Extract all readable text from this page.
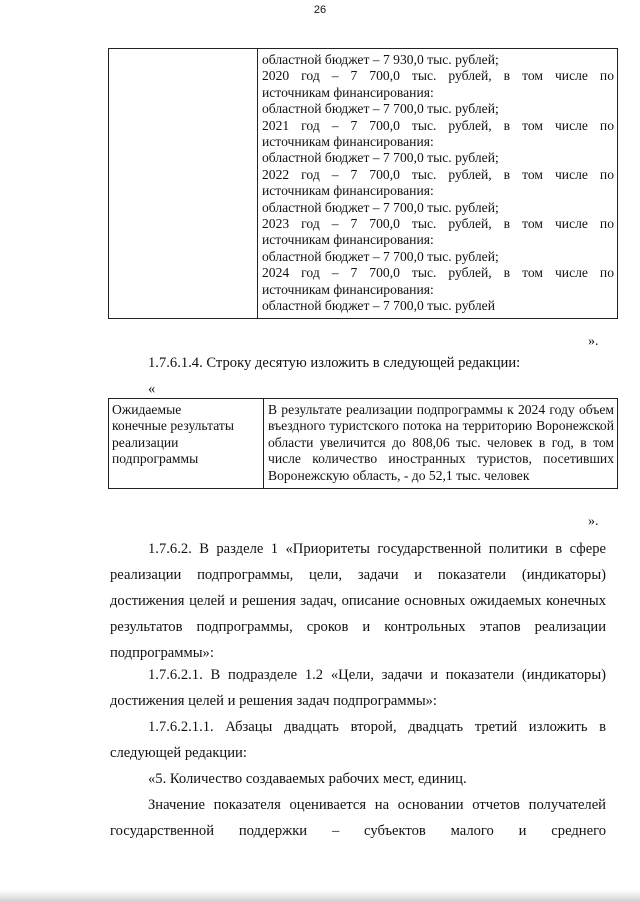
26

областной бюджет – 7 930,0 тыс. рублей;
2020 год – 7 700,0 тыс. рублей, в том числе по
источникам финансирования:
областной бюджет – 7 700,0 тыс. рублей;
2021 год – 7 700,0 тыс. рублей, в том числе по
источникам финансирования:
областной бюджет – 7 700,0 тыс. рублей;
2022 год – 7 700,0 тыс. рублей, в том числе по
источникам финансирования:
областной бюджет – 7 700,0 тыс. рублей;
2023 год – 7 700,0 тыс. рублей, в том числе по
источникам финансирования:
областной бюджет – 7 700,0 тыс. рублей;
2024 год – 7 700,0 тыс. рублей, в том числе по
источникам финансирования:
областной бюджет – 7 700,0 тыс. рублей
».

1.7.6.1.4. Строку десятую изложить в следующей редакции:

«
Ожидаемые
конечные результаты
реализации
подпрограммы
	В результате реализации подпрограммы к 2024 году объем въездного туристского потока на территорию Воронежской области увеличится до 808,06 тыс. человек в год, в том числе количество иностранных туристов, посетивших Воронежскую область, - до 52,1 тыс. человек
».

1.7.6.2. В разделе 1 «Приоритеты государственной политики в сфере реализации подпрограммы, цели, задачи и показатели (индикаторы) достижения целей и решения задач, описание основных ожидаемых конечных результатов подпрограммы, сроков и контрольных этапов реализации подпрограммы»:

1.7.6.2.1. В подразделе 1.2 «Цели, задачи и показатели (индикаторы) достижения целей и решения задач подпрограммы»:

1.7.6.2.1.1. Абзацы двадцать второй, двадцать третий изложить в следующей редакции:

«5. Количество создаваемых рабочих мест, единиц.

Значение показателя оценивается на основании отчетов получателей государственной поддержки – субъектов малого и среднего
